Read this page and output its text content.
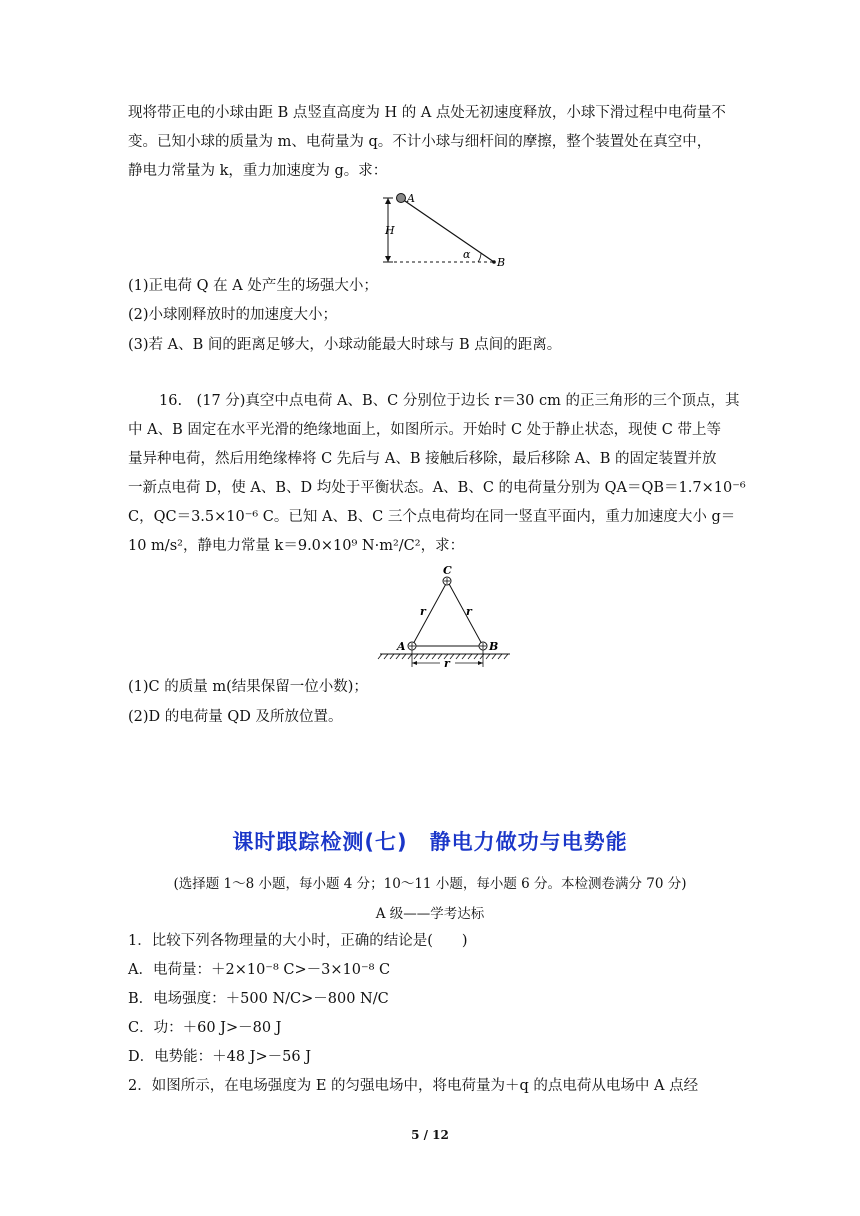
现将带正电的小球由距 B 点竖直高度为 H 的 A 点处无初速度释放，小球下滑过程中电荷量不
变。已知小球的质量为 m、电荷量为 q。不计小球与细杆间的摩擦，整个装置处在真空中，
静电力常量为 k，重力加速度为 g。求：
A
B
H
α
(1)正电荷 Q 在 A 处产生的场强大小；
(2)小球刚释放时的加速度大小；
(3)若 A、B 间的距离足够大，小球动能最大时球与 B 点间的距离。
16.　(17 分)真空中点电荷 A、B、C 分别位于边长 r＝30 cm 的正三角形的三个顶点，其
中 A、B 固定在水平光滑的绝缘地面上，如图所示。开始时 C 处于静止状态，现使 C 带上等
量异种电荷，然后用绝缘棒将 C 先后与 A、B 接触后移除，最后移除 A、B 的固定装置并放
一新点电荷 D，使 A、B、D 均处于平衡状态。A、B、C 的电荷量分别为 QA＝QB＝1.7×10⁻⁶
C，QC＝3.5×10⁻⁶ C。已知 A、B、C 三个点电荷均在同一竖直平面内，重力加速度大小 g＝
10 m/s²，静电力常量 k＝9.0×10⁹ N·m²/C²，求：
C
A	B
r	r
r
(1)C 的质量 m(结果保留一位小数)；
(2)D 的电荷量 QD 及所放位置。
课时跟踪检测(七)　静电力做功与电势能
(选择题 1～8 小题，每小题 4 分；10～11 小题，每小题 6 分。本检测卷满分 70 分)
A 级——学考达标
1．比较下列各物理量的大小时，正确的结论是(　　)
A．电荷量：＋2×10⁻⁸ C>－3×10⁻⁸ C
B．电场强度：＋500 N/C>－800 N/C
C．功：＋60 J>－80 J
D．电势能：＋48 J>－56 J
2．如图所示，在电场强度为 E 的匀强电场中，将电荷量为＋q 的点电荷从电场中 A 点经
5 / 12
